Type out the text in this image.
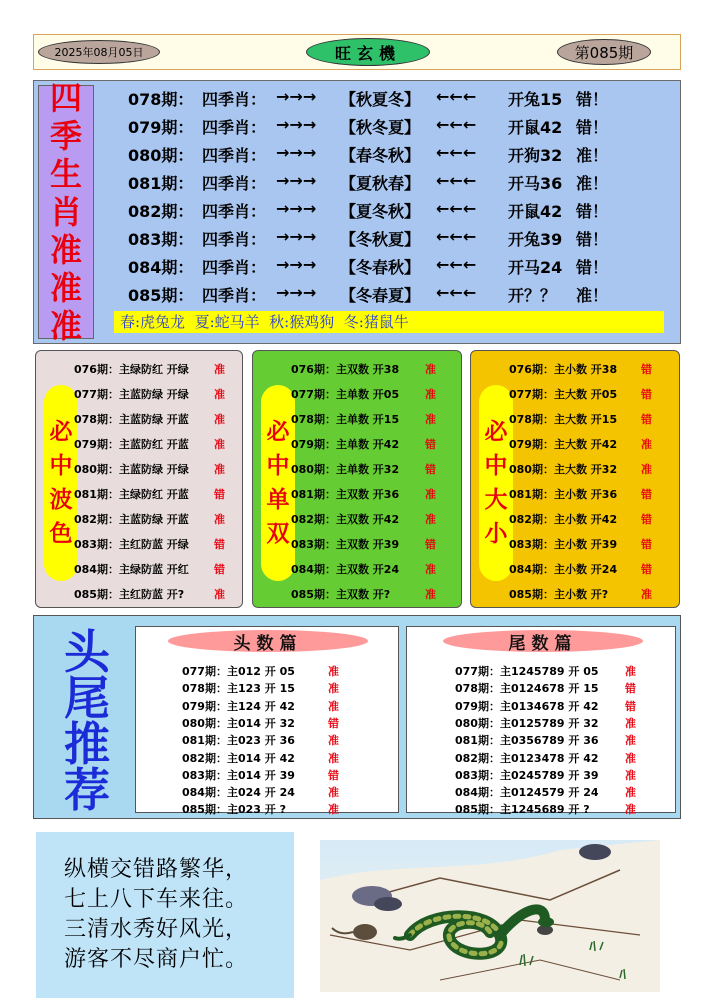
2025年08月05日	旺玄機	第085期
四
季
生
肖
准
准
准
078期： 四季肖： →→→ 【秋夏冬】 ←←← 开兔15 错！
079期： 四季肖： →→→ 【秋冬夏】 ←←← 开鼠42 错！
080期： 四季肖： →→→ 【春冬秋】 ←←← 开狗32 准！
081期： 四季肖： →→→ 【夏秋春】 ←←← 开马36 准！
082期： 四季肖： →→→ 【夏冬秋】 ←←← 开鼠42 错！
083期： 四季肖： →→→ 【冬秋夏】 ←←← 开兔39 错！
084期： 四季肖： →→→ 【冬春秋】 ←←← 开马24 错！
085期： 四季肖： →→→ 【冬春夏】 ←←← 开？？ 准！
春:虎兔龙  夏:蛇马羊  秋:猴鸡狗  冬:猪鼠牛
必
中
波
色
076期：主绿防红 开绿 准
077期：主蓝防绿 开绿 准
078期：主蓝防绿 开蓝 准
079期：主蓝防红 开蓝 准
080期：主蓝防绿 开绿 准
081期：主绿防红 开蓝 错
082期：主蓝防绿 开蓝 准
083期：主红防蓝 开绿 错
084期：主绿防蓝 开红 错
085期：主红防蓝 开?	准
必
中
单
双
076期：主双数 开38 准
077期：主单数 开05 准
078期：主单数 开15 准
079期：主单数 开42 错
080期：主单数 开32 错
081期：主双数 开36 准
082期：主双数 开42 准
083期：主双数 开39 错
084期：主双数 开24 准
085期：主双数 开?	准
必
中
大
小
076期：主小数 开38 错
077期：主大数 开05 错
078期：主大数 开15 错
079期：主大数 开42 准
080期：主大数 开32 准
081期：主小数 开36 错
082期：主小数 开42 错
083期：主小数 开39 错
084期：主小数 开24 错
085期：主小数 开?	准
头
尾
推
荐
头数篇
077期：主012 开 05	准
078期：主123 开 15	准
079期：主124 开 42	准
080期：主014 开 32	错
081期：主023 开 36	准
082期：主014 开 42	准
083期：主014 开 39	错
084期：主024 开 24	准
085期：主023 开 ?	准
尾数篇
077期：主1245789 开 05 准
078期：主0124678 开 15 错
079期：主0134678 开 42 错
080期：主0125789 开 32 准
081期：主0356789 开 36 准
082期：主0123478 开 42 准
083期：主0245789 开 39 准
084期：主0124579 开 24 准
085期：主1245689 开 ?	准
纵横交错路繁华，
七上八下车来往。
三清水秀好风光，
游客不尽商户忙。
